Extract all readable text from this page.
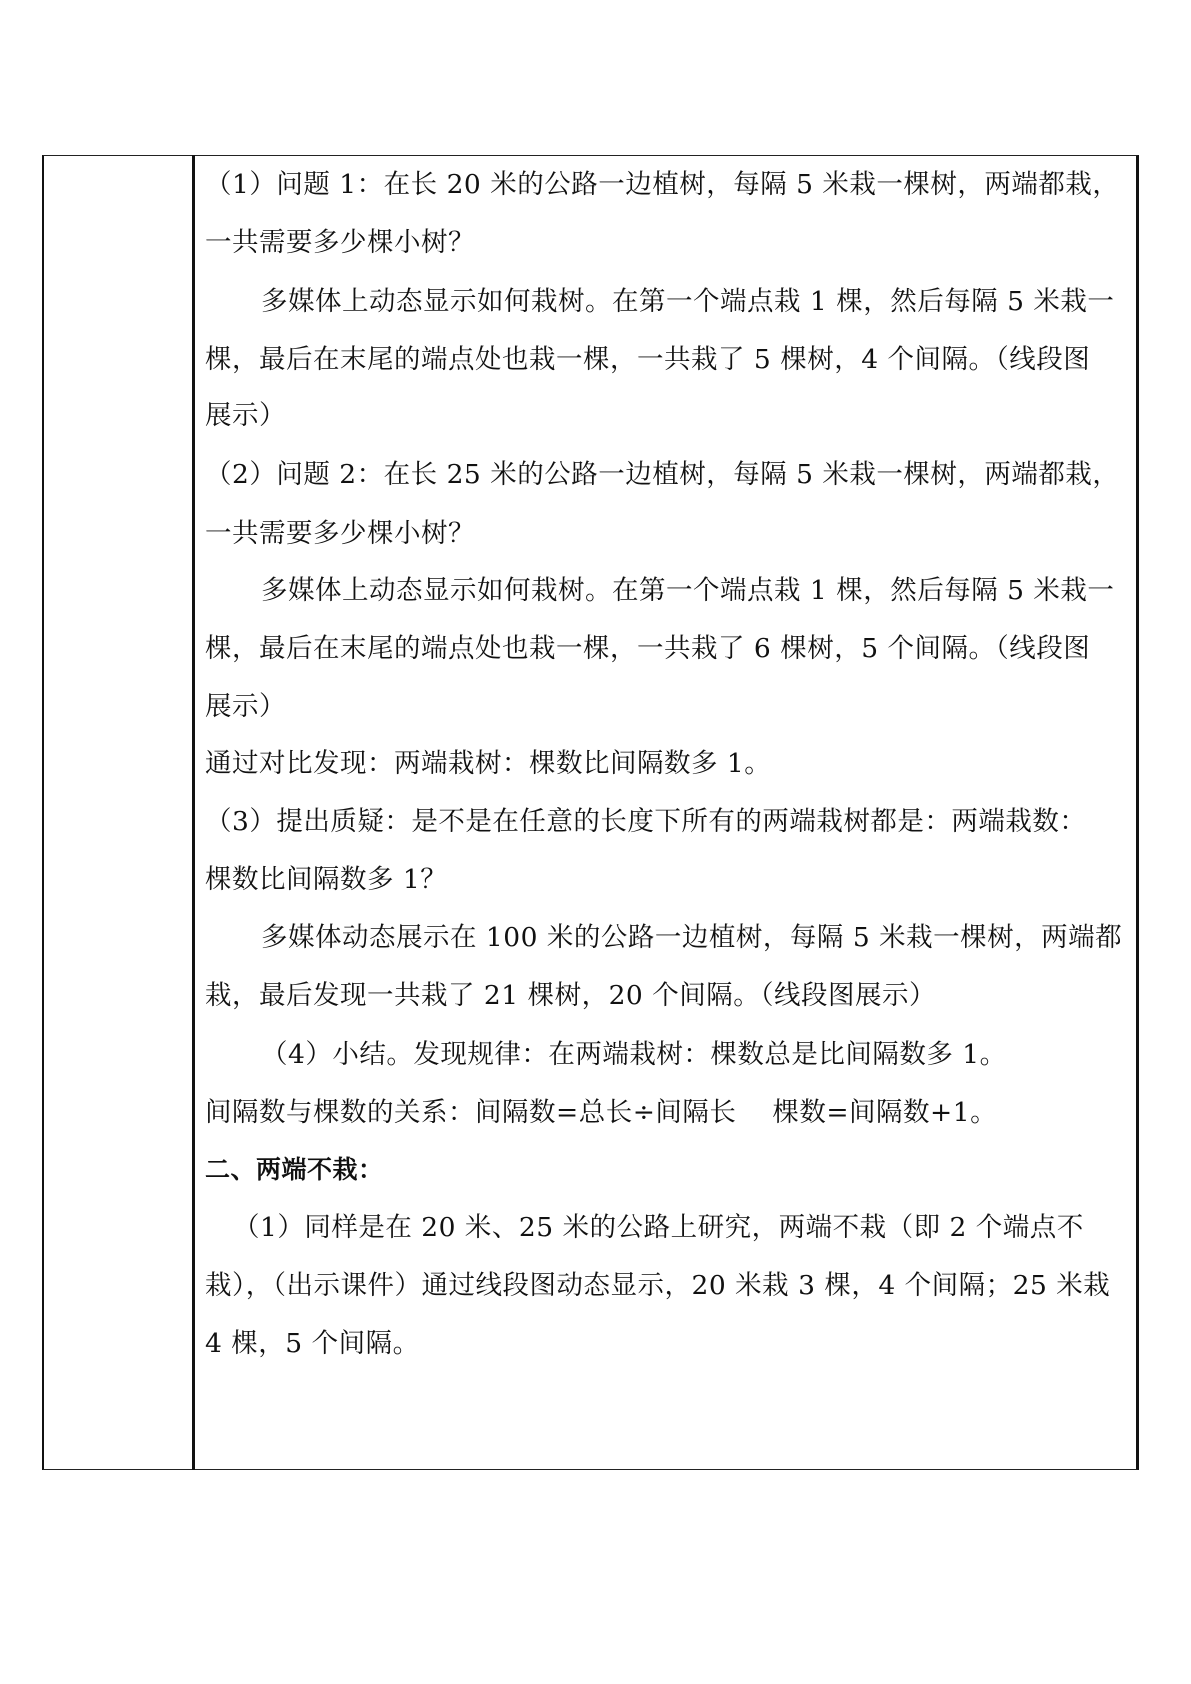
（1）问题 1：在长 20 米的公路一边植树，每隔 5 米栽一棵树，两端都栽，
一共需要多少棵小树？
多媒体上动态显示如何栽树。在第一个端点栽 1 棵，然后每隔 5 米栽一
棵，最后在末尾的端点处也栽一棵，一共栽了 5 棵树，4 个间隔。（线段图
展示）
（2）问题 2：在长 25 米的公路一边植树，每隔 5 米栽一棵树，两端都栽，
一共需要多少棵小树？
多媒体上动态显示如何栽树。在第一个端点栽 1 棵，然后每隔 5 米栽一
棵，最后在末尾的端点处也栽一棵，一共栽了 6 棵树，5 个间隔。（线段图
展示）
通过对比发现：两端栽树：棵数比间隔数多 1。
（3）提出质疑：是不是在任意的长度下所有的两端栽树都是：两端栽数：
棵数比间隔数多 1？
多媒体动态展示在 100 米的公路一边植树，每隔 5 米栽一棵树，两端都
栽，最后发现一共栽了 21 棵树，20 个间隔。（线段图展示）
（4）小结。发现规律：在两端栽树：棵数总是比间隔数多 1。
间隔数与棵数的关系：间隔数=总长÷间隔长　 棵数=间隔数+1。
二、两端不栽：
（1）同样是在 20 米、25 米的公路上研究，两端不栽（即 2 个端点不
栽），（出示课件）通过线段图动态显示，20 米栽 3 棵，4 个间隔；25 米栽
4 棵，5 个间隔。
